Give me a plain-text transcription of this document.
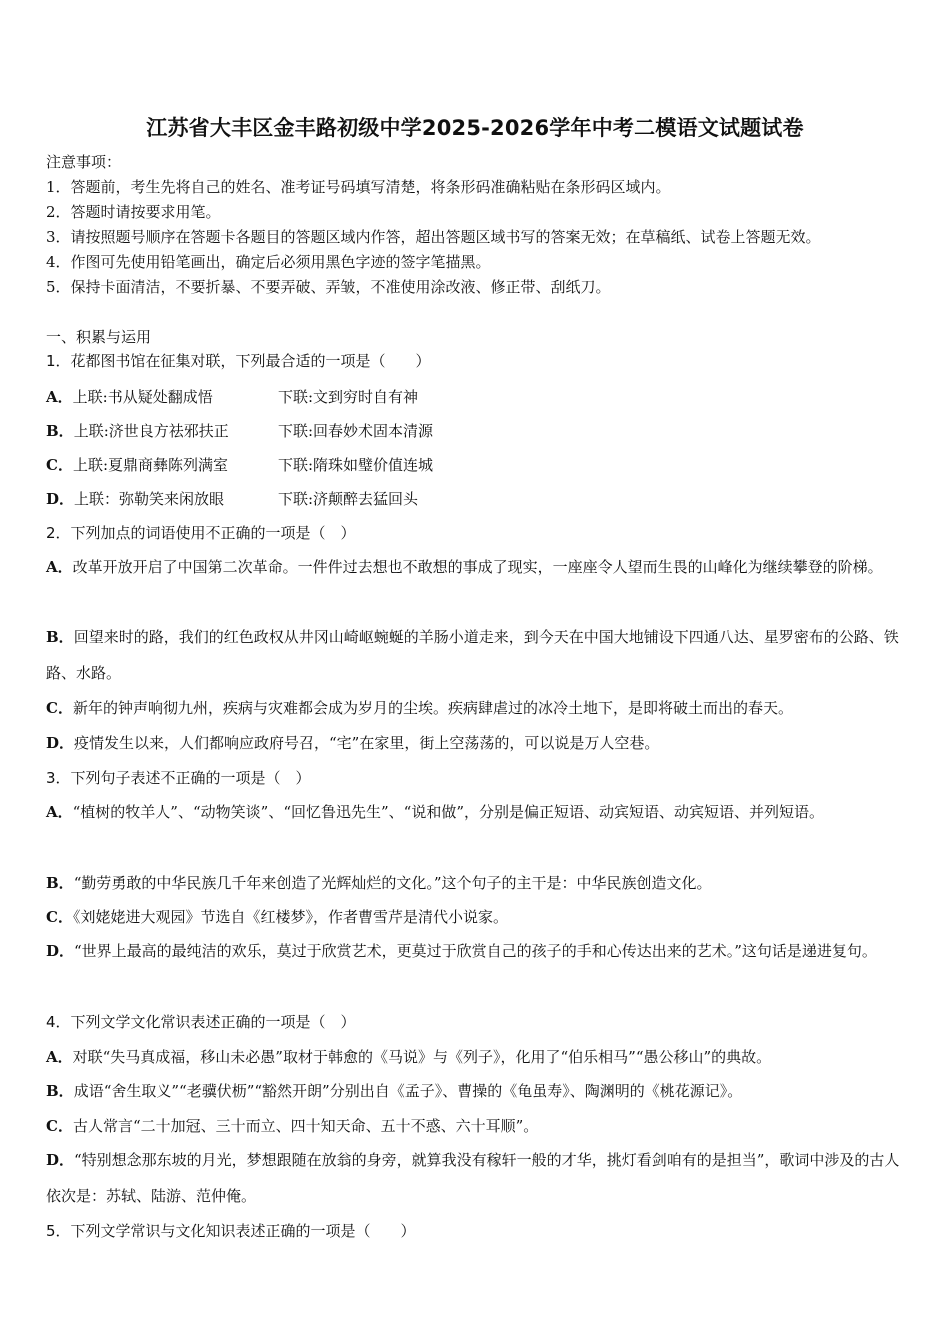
江苏省大丰区金丰路初级中学2025-2026学年中考二模语文试题试卷
注意事项：
1．答题前，考生先将自己的姓名、准考证号码填写清楚，将条形码准确粘贴在条形码区域内。
2．答题时请按要求用笔。
3．请按照题号顺序在答题卡各题目的答题区域内作答，超出答题区域书写的答案无效；在草稿纸、试卷上答题无效。
4．作图可先使用铅笔画出，确定后必须用黑色字迹的签字笔描黑。
5．保持卡面清洁，不要折暴、不要弄破、弄皱，不准使用涂改液、修正带、刮纸刀。
一、积累与运用
1．花都图书馆在征集对联，下列最合适的一项是（　　）
A．上联:书从疑处翻成悟	下联:文到穷时自有神
B．上联:济世良方祛邪扶正	下联:回春妙术固本清源
C．上联:夏鼎商彝陈列满室	下联:隋珠如璧价值连城
D．上联：弥勒笑来闲放眼	下联:济颠醉去猛回头
2．下列加点的词语使用不正确的一项是（　）
A．改革开放开启了中国第二次革命。一件件过去想也不敢想的事成了现实，一座座令人望而生畏的山峰化为继续攀登的阶梯。
B．回望来时的路，我们的红色政权从井冈山崎岖蜿蜒的羊肠小道走来，到今天在中国大地铺设下四通八达、星罗密布的公路、铁路、水路。
C．新年的钟声响彻九州，疾病与灾难都会成为岁月的尘埃。疾病肆虐过的冰冷土地下，是即将破土而出的春天。
D．疫情发生以来，人们都响应政府号召，“宅”在家里，街上空荡荡的，可以说是万人空巷。
3．下列句子表述不正确的一项是（　）
A．“植树的牧羊人”、“动物笑谈”、“回忆鲁迅先生”、“说和做”，分别是偏正短语、动宾短语、动宾短语、并列短语。
B．“勤劳勇敢的中华民族几千年来创造了光辉灿烂的文化。”这个句子的主干是：中华民族创造文化。
C．《刘姥姥进大观园》节选自《红楼梦》，作者曹雪芹是清代小说家。
D．“世界上最高的最纯洁的欢乐，莫过于欣赏艺术，更莫过于欣赏自己的孩子的手和心传达出来的艺术。”这句话是递进复句。
4．下列文学文化常识表述正确的一项是（　）
A．对联“失马真成福，移山未必愚”取材于韩愈的《马说》与《列子》，化用了“伯乐相马”“愚公移山”的典故。
B．成语“舍生取义”“老骥伏枥”“豁然开朗”分别出自《孟子》、曹操的《龟虽寿》、陶渊明的《桃花源记》。
C．古人常言“二十加冠、三十而立、四十知天命、五十不惑、六十耳顺”。
D．“特别想念那东坡的月光，梦想跟随在放翁的身旁，就算我没有稼轩一般的才华，挑灯看剑咱有的是担当”，歌词中涉及的古人依次是：苏轼、陆游、范仲俺。
5．下列文学常识与文化知识表述正确的一项是（　　）
